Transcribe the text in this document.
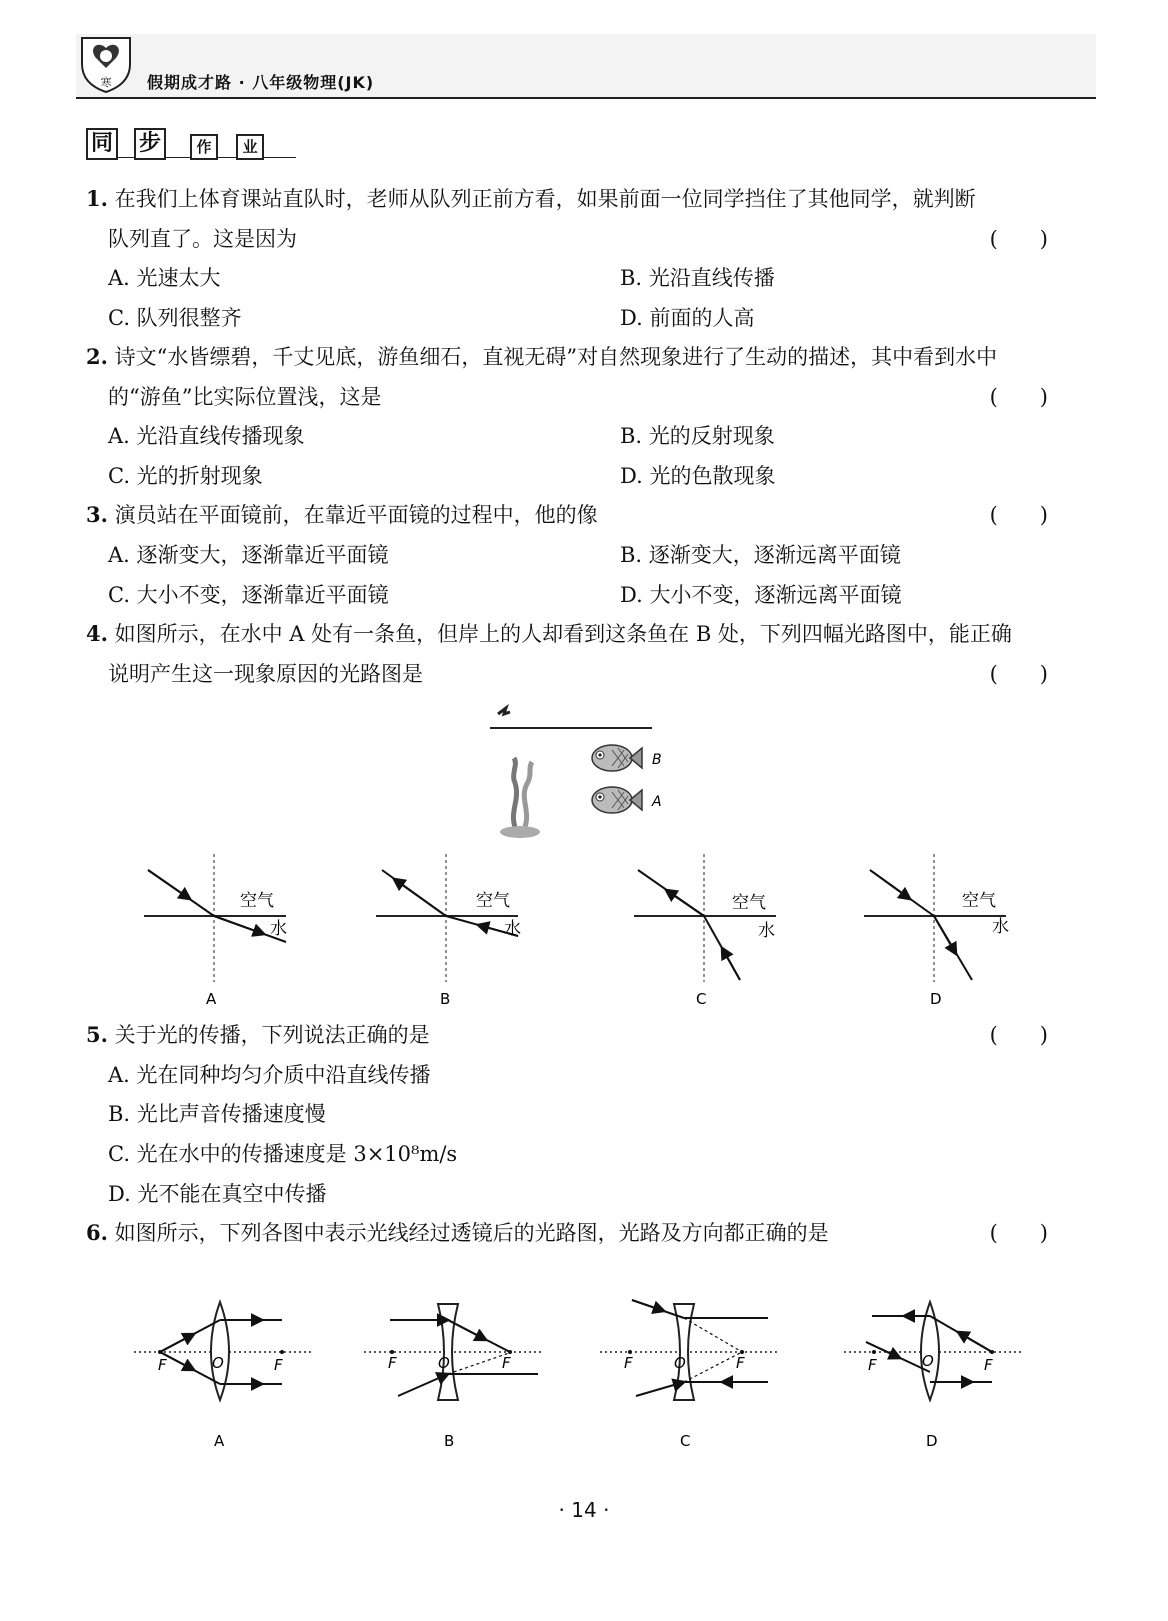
寒 假期成才路 · 八年级物理(JK)
同 步	作	业
1. 在我们上体育课站直队时，老师从队列正前方看，如果前面一位同学挡住了其他同学，就判断
队列直了。这是因为	(　　)
A. 光速太大	B. 光沿直线传播
C. 队列很整齐	D. 前面的人高
2. 诗文“水皆缥碧，千丈见底，游鱼细石，直视无碍”对自然现象进行了生动的描述，其中看到水中
的“游鱼”比实际位置浅，这是	(　　)
A. 光沿直线传播现象	B. 光的反射现象
C. 光的折射现象	D. 光的色散现象
3. 演员站在平面镜前，在靠近平面镜的过程中，他的像	(　　)
A. 逐渐变大，逐渐靠近平面镜	B. 逐渐变大，逐渐远离平面镜
C. 大小不变，逐渐靠近平面镜	D. 大小不变，逐渐远离平面镜
4. 如图所示，在水中 A 处有一条鱼，但岸上的人却看到这条鱼在 B 处，下列四幅光路图中，能正确
说明产生这一现象原因的光路图是	(　　)
B
A
空气
水
A
空气
水
B
空气
水
C
空气
水
D
5. 关于光的传播，下列说法正确的是	(　　)
A. 光在同种均匀介质中沿直线传播
B. 光比声音传播速度慢
C. 光在水中的传播速度是 3×10⁸m/s
D. 光不能在真空中传播
6. 如图所示，下列各图中表示光线经过透镜后的光路图，光路及方向都正确的是	(　　)
F	O	F
A
F	O	F
B
F	O	F
C
F	O	F
D
· 14 ·
